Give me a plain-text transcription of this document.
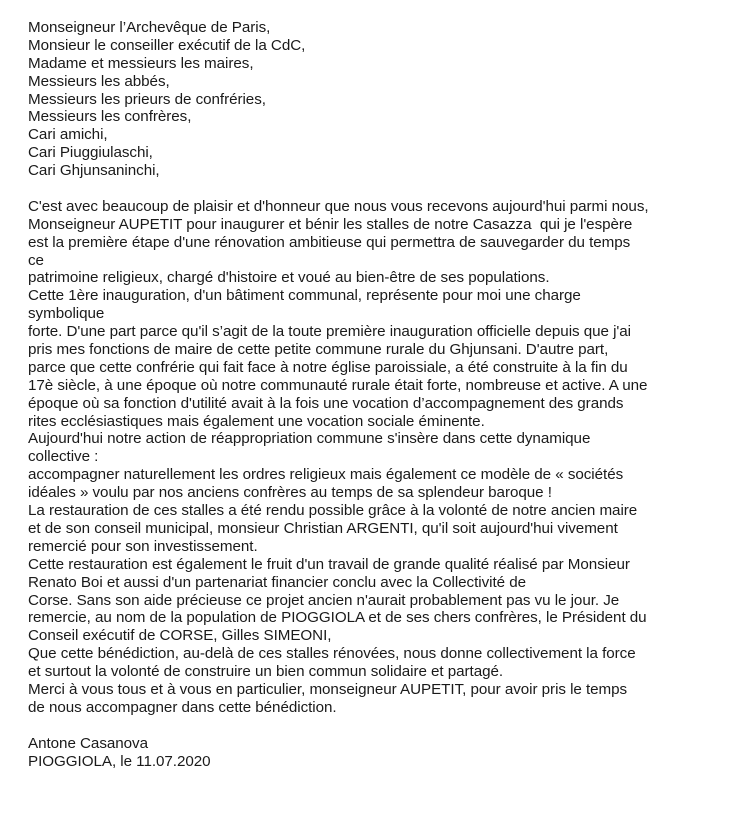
Monseigneur l’Archevêque de Paris,
Monsieur le conseiller exécutif de la CdC,
Madame et messieurs les maires,
Messieurs les abbés,
Messieurs les prieurs de confréries,
Messieurs les confrères,
Cari amichi,
Cari Piuggiulaschi,
Cari Ghjunsaninchi,
C'est avec beaucoup de plaisir et d'honneur que nous vous recevons aujourd'hui parmi nous,
Monseigneur AUPETIT pour inaugurer et bénir les stalles de notre Casazza  qui je l'espère
est la première étape d'une rénovation ambitieuse qui permettra de sauvegarder du temps
ce
patrimoine religieux, chargé d'histoire et voué au bien-être de ses populations.
Cette 1ère inauguration, d'un bâtiment communal, représente pour moi une charge
symbolique
forte. D'une part parce qu'il s’agit de la toute première inauguration officielle depuis que j'ai
pris mes fonctions de maire de cette petite commune rurale du Ghjunsani. D'autre part,
parce que cette confrérie qui fait face à notre église paroissiale, a été construite à la fin du
17è siècle, à une époque où notre communauté rurale était forte, nombreuse et active. A une
époque où sa fonction d'utilité avait à la fois une vocation d’accompagnement des grands
rites ecclésiastiques mais également une vocation sociale éminente.
Aujourd'hui notre action de réappropriation commune s'insère dans cette dynamique
collective :
accompagner naturellement les ordres religieux mais également ce modèle de « sociétés
idéales » voulu par nos anciens confrères au temps de sa splendeur baroque !
La restauration de ces stalles a été rendu possible grâce à la volonté de notre ancien maire
et de son conseil municipal, monsieur Christian ARGENTI, qu'il soit aujourd'hui vivement
remercié pour son investissement.
Cette restauration est également le fruit d'un travail de grande qualité réalisé par Monsieur
Renato Boi et aussi d'un partenariat financier conclu avec la Collectivité de
Corse. Sans son aide précieuse ce projet ancien n'aurait probablement pas vu le jour. Je
remercie, au nom de la population de PIOGGIOLA et de ses chers confrères, le Président du
Conseil exécutif de CORSE, Gilles SIMEONI,
Que cette bénédiction, au-delà de ces stalles rénovées, nous donne collectivement la force
et surtout la volonté de construire un bien commun solidaire et partagé.
Merci à vous tous et à vous en particulier, monseigneur AUPETIT, pour avoir pris le temps
de nous accompagner dans cette bénédiction.
Antone Casanova
PIOGGIOLA, le 11.07.2020
